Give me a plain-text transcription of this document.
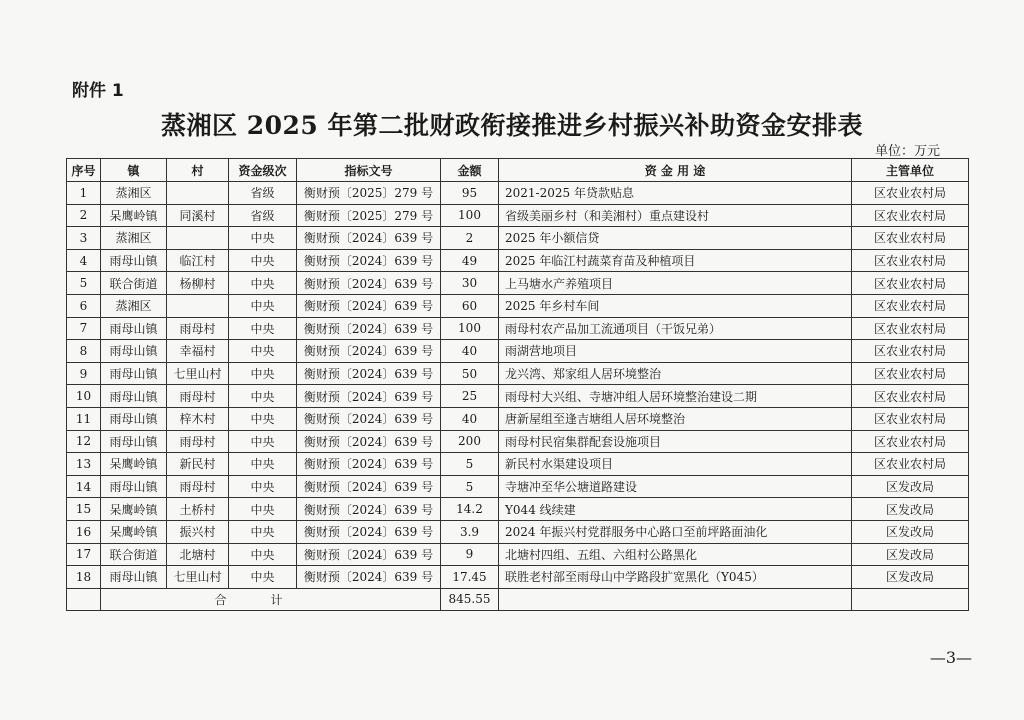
附件 1
蒸湘区 2025 年第二批财政衔接推进乡村振兴补助资金安排表
单位：万元
序号	镇	村	资金级次	指标文号	金额	资 金 用 途	主管单位
1	蒸湘区		省级	衡财预〔2025〕279 号	95	2021-2025 年贷款贴息	区农业农村局
2	呆鹰岭镇	同溪村	省级	衡财预〔2025〕279 号	100	省级美丽乡村（和美湘村）重点建设村	区农业农村局
3	蒸湘区		中央	衡财预〔2024〕639 号	2	2025 年小额信贷	区农业农村局
4	雨母山镇	临江村	中央	衡财预〔2024〕639 号	49	2025 年临江村蔬菜育苗及种植项目	区农业农村局
5	联合街道	杨柳村	中央	衡财预〔2024〕639 号	30	上马塘水产养殖项目	区农业农村局
6	蒸湘区		中央	衡财预〔2024〕639 号	60	2025 年乡村车间	区农业农村局
7	雨母山镇	雨母村	中央	衡财预〔2024〕639 号	100	雨母村农产品加工流通项目（干饭兄弟）	区农业农村局
8	雨母山镇	幸福村	中央	衡财预〔2024〕639 号	40	雨湖营地项目	区农业农村局
9	雨母山镇	七里山村	中央	衡财预〔2024〕639 号	50	龙兴湾、郑家组人居环境整治	区农业农村局
10	雨母山镇	雨母村	中央	衡财预〔2024〕639 号	25	雨母村大兴组、寺塘冲组人居环境整治建设二期	区农业农村局
11	雨母山镇	梓木村	中央	衡财预〔2024〕639 号	40	唐新屋组至逢吉塘组人居环境整治	区农业农村局
12	雨母山镇	雨母村	中央	衡财预〔2024〕639 号	200	雨母村民宿集群配套设施项目	区农业农村局
13	呆鹰岭镇	新民村	中央	衡财预〔2024〕639 号	5	新民村水渠建设项目	区农业农村局
14	雨母山镇	雨母村	中央	衡财预〔2024〕639 号	5	寺塘冲至华公塘道路建设	区发改局
15	呆鹰岭镇	土桥村	中央	衡财预〔2024〕639 号	14.2	Y044 线续建	区发改局
16	呆鹰岭镇	振兴村	中央	衡财预〔2024〕639 号	3.9	2024 年振兴村党群服务中心路口至前坪路面油化	区发改局
17	联合街道	北塘村	中央	衡财预〔2024〕639 号	9	北塘村四组、五组、六组村公路黑化	区发改局
18	雨母山镇	七里山村	中央	衡财预〔2024〕639 号	17.45	联胜老村部至雨母山中学路段扩宽黑化（Y045）	区发改局
	合计				845.55		
—3—
